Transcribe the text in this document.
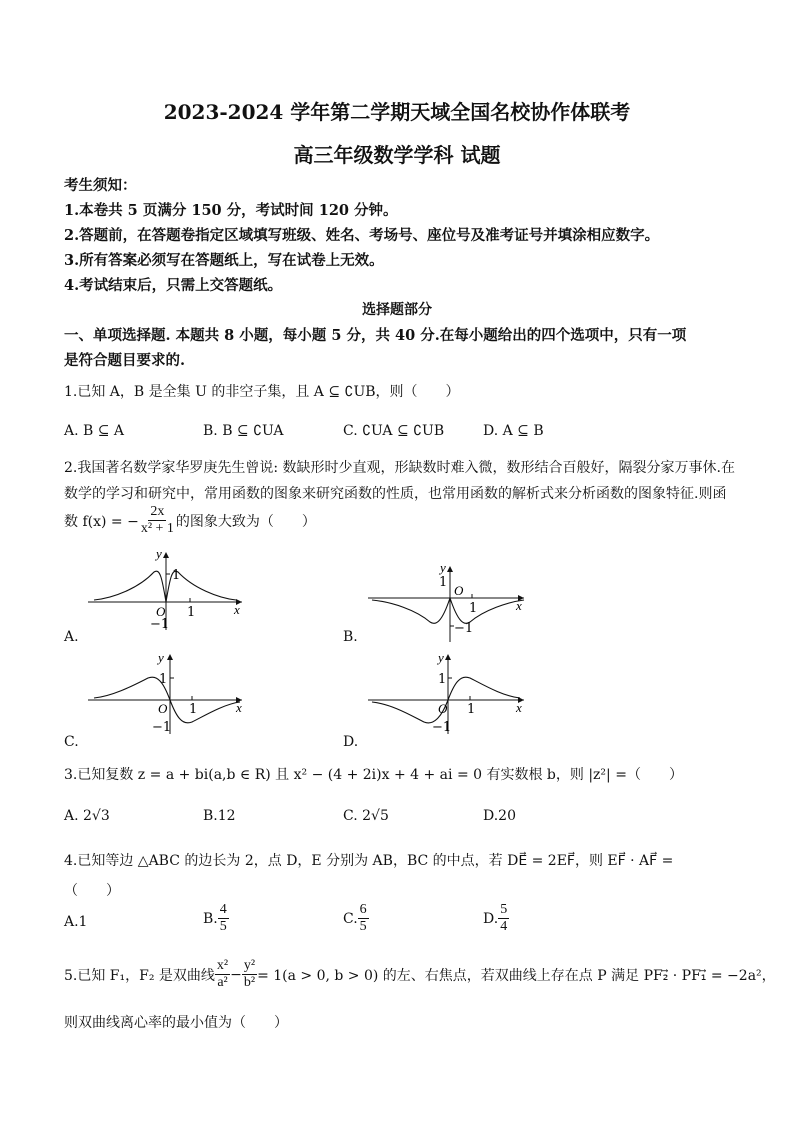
2023-2024 学年第二学期天域全国名校协作体联考
高三年级数学学科 试题
考生须知：
1.本卷共 5 页满分 150 分，考试时间 120 分钟。
2.答题前，在答题卷指定区域填写班级、姓名、考场号、座位号及准考证号并填涂相应数字。
3.所有答案必须写在答题纸上，写在试卷上无效。
4.考试结束后，只需上交答题纸。
选择题部分
一、单项选择题. 本题共 8 小题，每小题 5 分，共 40 分.在每小题给出的四个选项中，只有一项
是符合题目要求的.
1.已知 A，B 是全集 U 的非空子集，且 A ⊆ ∁UB，则（　　）
A. B ⊆ A	B. B ⊆ ∁UA	C. ∁UA ⊆ ∁UB	D. A ⊆ B
2.我国著名数学家华罗庚先生曾说: 数缺形时少直观，形缺数时难入微，数形结合百般好，隔裂分家万事休.在
数学的学习和研究中，常用函数的图象来研究函数的性质，也常用函数的解析式来分析函数的图象特征.则函
数 f(x) = − $\frac{2x}{\text{x² + 1}}$ 的图象大致为（　　）
y
1
O 1	x
−1
A.
y
1
O
1	x
−1
B.
y
1
O 1	x
−1
C.
y
1
O 1	x
−1
D.
3.已知复数 z = a + bi(a,b ∈ R) 且 x² − (4 + 2i)x + 4 + ai = 0 有实数根 b，则 |z²| =（　　）
A. 2√3	B.12	C. 2√5	D.20
4.已知等边 △ABC 的边长为 2，点 D，E 分别为 AB，BC 的中点，若 DE⃗ = 2EF⃗，则 EF⃗ · AF⃗ =
（　　）
A.1	B. $\frac{4}{5}$	C. $\frac{6}{5}$	D. $\frac{5}{4}$
5.已知 F₁，F₂ 是双曲线 $\frac{\text{x²}}{\text{a²}} - \frac{\text{y²}}{\text{b²}} = 1(a > 0$, b > 0) 的左、右焦点，若双曲线上存在点 P 满足 PF₂⃗ · PF₁⃗ = −2a²，
则双曲线离心率的最小值为（　　）
